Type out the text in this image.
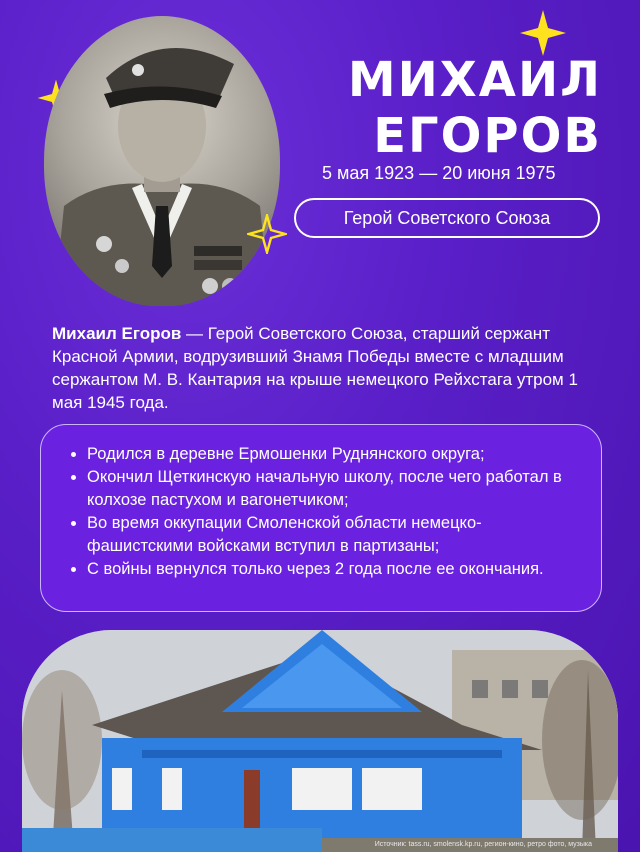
МИХАИЛ
ЕГОРОВ
5 мая 1923 — 20 июня 1975
Герой Советского Союза
Михаил Егоров — Герой Советского Союза, старший сержант Красной Армии, водрузивший Знамя Победы вместе с младшим сержантом М. В. Кантария на крыше немецкого Рейхстага утром 1 мая 1945 года.
• Родился в деревне Ермошенки Руднянского округа;
• Окончил Щеткинскую начальную школу, после чего работал в колхозе пастухом и вагонетчиком;
• Во время оккупации Смоленской области немецко-фашистскими войсками вступил в партизаны;
• С войны вернулся только через 2 года после ее окончания.
Источник: tass.ru, smolensk.kp.ru, регион-кино, ретро фото, музыка
